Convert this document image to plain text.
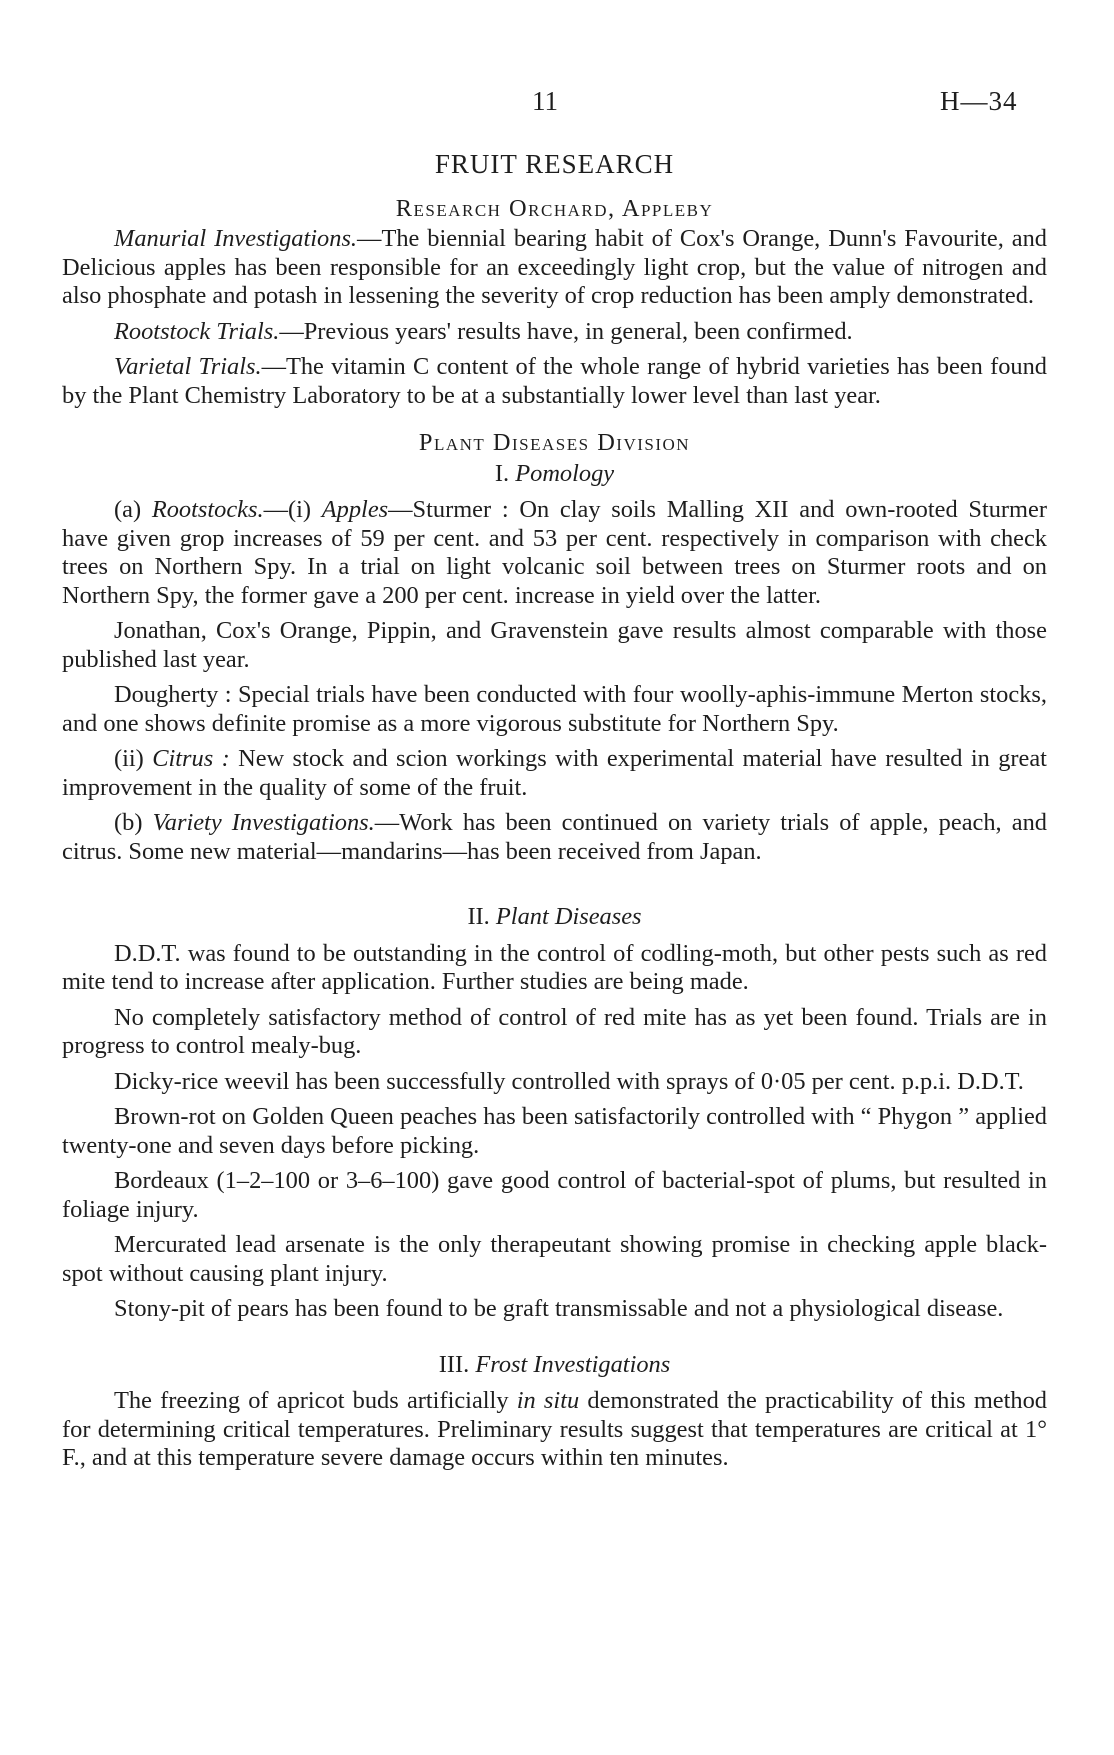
11	H—34
FRUIT RESEARCH
Research Orchard, Appleby

Manurial Investigations.—The biennial bearing habit of Cox's Orange, Dunn's Favourite, and Delicious apples has been responsible for an exceedingly light crop, but the value of nitrogen and also phosphate and potash in lessening the severity of crop reduction has been amply demonstrated.

Rootstock Trials.—Previous years' results have, in general, been confirmed.

Varietal Trials.—The vitamin C content of the whole range of hybrid varieties has been found by the Plant Chemistry Laboratory to be at a substantially lower level than last year.

Plant Diseases Division
I. Pomology

(a) Rootstocks.—(i) Apples—Sturmer : On clay soils Malling XII and own-rooted Sturmer have given grop increases of 59 per cent. and 53 per cent. respectively in comparison with check trees on Northern Spy. In a trial on light volcanic soil between trees on Sturmer roots and on Northern Spy, the former gave a 200 per cent. increase in yield over the latter.

Jonathan, Cox's Orange, Pippin, and Gravenstein gave results almost comparable with those published last year.

Dougherty : Special trials have been conducted with four woolly-aphis-immune Merton stocks, and one shows definite promise as a more vigorous substitute for Northern Spy.

(ii) Citrus : New stock and scion workings with experimental material have resulted in great improvement in the quality of some of the fruit.

(b) Variety Investigations.—Work has been continued on variety trials of apple, peach, and citrus. Some new material—mandarins—has been received from Japan.

II. Plant Diseases

D.D.T. was found to be outstanding in the control of codling-moth, but other pests such as red mite tend to increase after application. Further studies are being made.

No completely satisfactory method of control of red mite has as yet been found. Trials are in progress to control mealy-bug.

Dicky-rice weevil has been successfully controlled with sprays of 0·05 per cent. p.p.i. D.D.T.

Brown-rot on Golden Queen peaches has been satisfactorily controlled with “ Phygon ” applied twenty-one and seven days before picking.

Bordeaux (1–2–100 or 3–6–100) gave good control of bacterial-spot of plums, but resulted in foliage injury.

Mercurated lead arsenate is the only therapeutant showing promise in checking apple black-spot without causing plant injury.

Stony-pit of pears has been found to be graft transmissable and not a physiological disease.

III. Frost Investigations

The freezing of apricot buds artificially in situ demonstrated the practicability of this method for determining critical temperatures. Preliminary results suggest that temperatures are critical at 1° F., and at this temperature severe damage occurs within ten minutes.
